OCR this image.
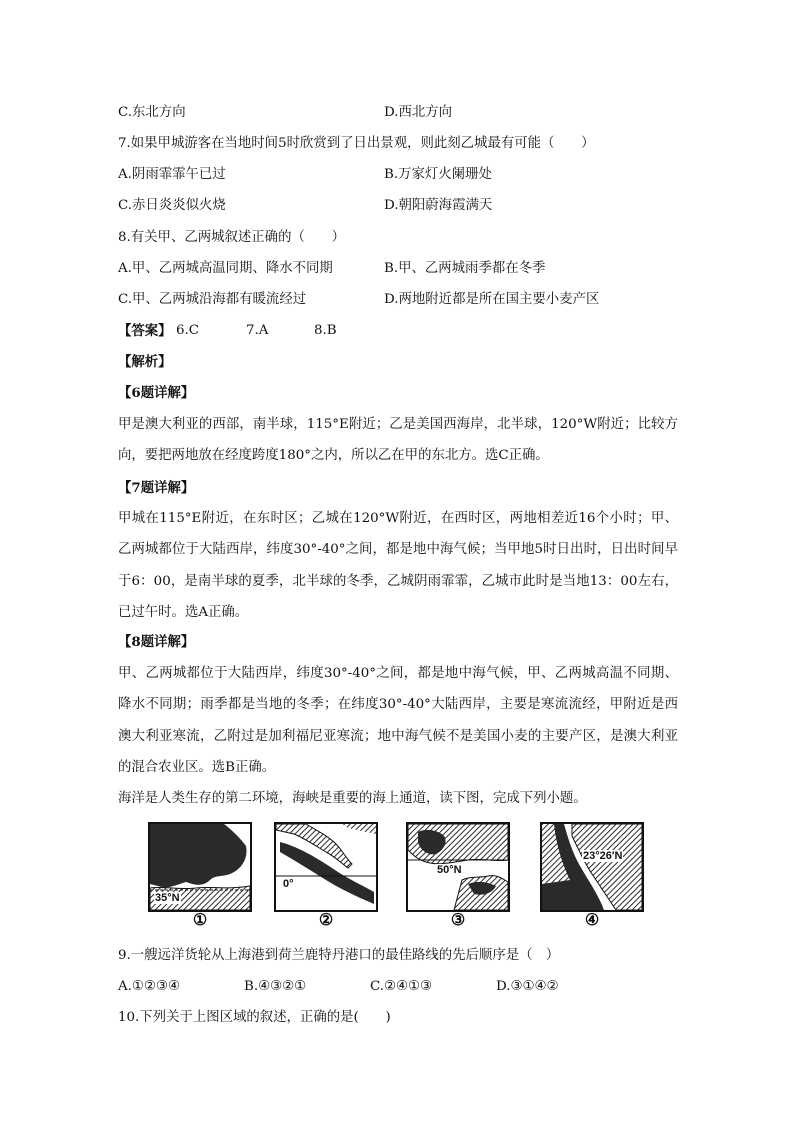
C.东北方向	D.西北方向
7.如果甲城游客在当地时间5时欣赏到了日出景观，则此刻乙城最有可能（　　）
A.阴雨霏霏午已过	B.万家灯火阑珊处
C.赤日炎炎似火烧	D.朝阳蔚海霞满天
8.有关甲、乙两城叙述正确的（　　）
A.甲、乙两城高温同期、降水不同期	B.甲、乙两城雨季都在冬季
C.甲、乙两城沿海都有暖流经过	D.两地附近都是所在国主要小麦产区
【答案】 6.C	7.A	8.B
【解析】
【6题详解】
甲是澳大利亚的西部，南半球，115°E附近；乙是美国西海岸，北半球，120°W附近；比较方向，要把两地放在经度跨度180°之内，所以乙在甲的东北方。选C正确。
【7题详解】
甲城在115°E附近，在东时区；乙城在120°W附近，在西时区，两地相差近16个小时；甲、乙两城都位于大陆西岸，纬度30°-40°之间，都是地中海气候；当甲地5时日出时，日出时间早于6：00，是南半球的夏季，北半球的冬季，乙城阴雨霏霏，乙城市此时是当地13：00左右，已过午时。选A正确。
【8题详解】
甲、乙两城都位于大陆西岸，纬度30°-40°之间，都是地中海气候，甲、乙两城高温不同期、降水不同期；雨季都是当地的冬季；在纬度30°-40°大陆西岸，主要是寒流流经，甲附近是西澳大利亚寒流，乙附过是加利福尼亚寒流；地中海气候不是美国小麦的主要产区，是澳大利亚的混合农业区。选B正确。
海洋是人类生存的第二环境，海峡是重要的海上通道，读下图，完成下列小题。
35°N
①
0°
②
50°N
③
23°26′N
④
9.一艘远洋货轮从上海港到荷兰鹿特丹港口的最佳路线的先后顺序是（　）
A.①②③④	B.④③②①	C.②④①③	D.③①④②
10.下列关于上图区域的叙述，正确的是(　　)
